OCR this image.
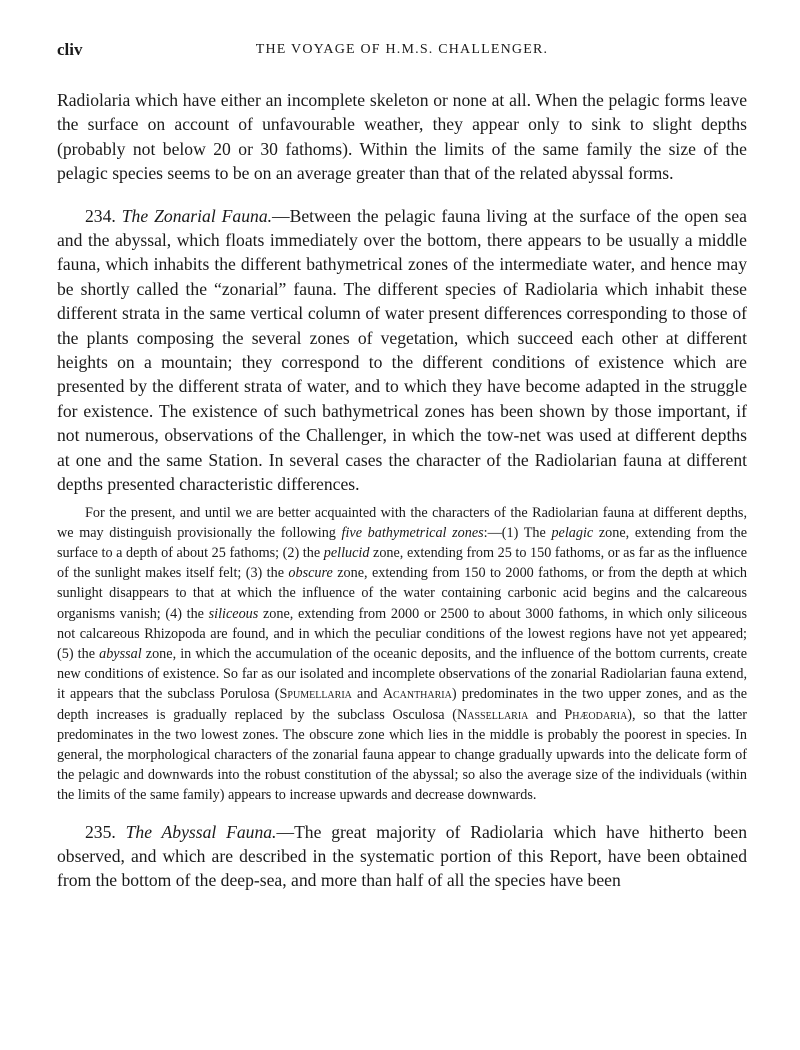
cliv	THE VOYAGE OF H.M.S. CHALLENGER.

Radiolaria which have either an incomplete skeleton or none at all. When the pelagic forms leave the surface on account of unfavourable weather, they appear only to sink to slight depths (probably not below 20 or 30 fathoms). Within the limits of the same family the size of the pelagic species seems to be on an average greater than that of the related abyssal forms.

234. The Zonarial Fauna.—Between the pelagic fauna living at the surface of the open sea and the abyssal, which floats immediately over the bottom, there appears to be usually a middle fauna, which inhabits the different bathymetrical zones of the intermediate water, and hence may be shortly called the “zonarial” fauna. The different species of Radiolaria which inhabit these different strata in the same vertical column of water present differences corresponding to those of the plants composing the several zones of vegetation, which succeed each other at different heights on a mountain; they correspond to the different conditions of existence which are presented by the different strata of water, and to which they have become adapted in the struggle for existence. The existence of such bathymetrical zones has been shown by those important, if not numerous, observations of the Challenger, in which the tow-net was used at different depths at one and the same Station. In several cases the character of the Radiolarian fauna at different depths presented characteristic differences.

For the present, and until we are better acquainted with the characters of the Radiolarian fauna at different depths, we may distinguish provisionally the following five bathymetrical zones:—(1) The pelagic zone, extending from the surface to a depth of about 25 fathoms; (2) the pellucid zone, extending from 25 to 150 fathoms, or as far as the influence of the sunlight makes itself felt; (3) the obscure zone, extending from 150 to 2000 fathoms, or from the depth at which sunlight disappears to that at which the influence of the water containing carbonic acid begins and the calcareous organisms vanish; (4) the siliceous zone, extending from 2000 or 2500 to about 3000 fathoms, in which only siliceous not calcareous Rhizopoda are found, and in which the peculiar conditions of the lowest regions have not yet appeared; (5) the abyssal zone, in which the accumulation of the oceanic deposits, and the influence of the bottom currents, create new conditions of existence. So far as our isolated and incomplete observations of the zonarial Radiolarian fauna extend, it appears that the subclass Porulosa (Spumellaria and Acantharia) predominates in the two upper zones, and as the depth increases is gradually replaced by the subclass Osculosa (Nassellaria and Phæodaria), so that the latter predominates in the two lowest zones. The obscure zone which lies in the middle is probably the poorest in species. In general, the morphological characters of the zonarial fauna appear to change gradually upwards into the delicate form of the pelagic and downwards into the robust constitution of the abyssal; so also the average size of the individuals (within the limits of the same family) appears to increase upwards and decrease downwards.

235. The Abyssal Fauna.—The great majority of Radiolaria which have hitherto been observed, and which are described in the systematic portion of this Report, have been obtained from the bottom of the deep-sea, and more than half of all the species have been
